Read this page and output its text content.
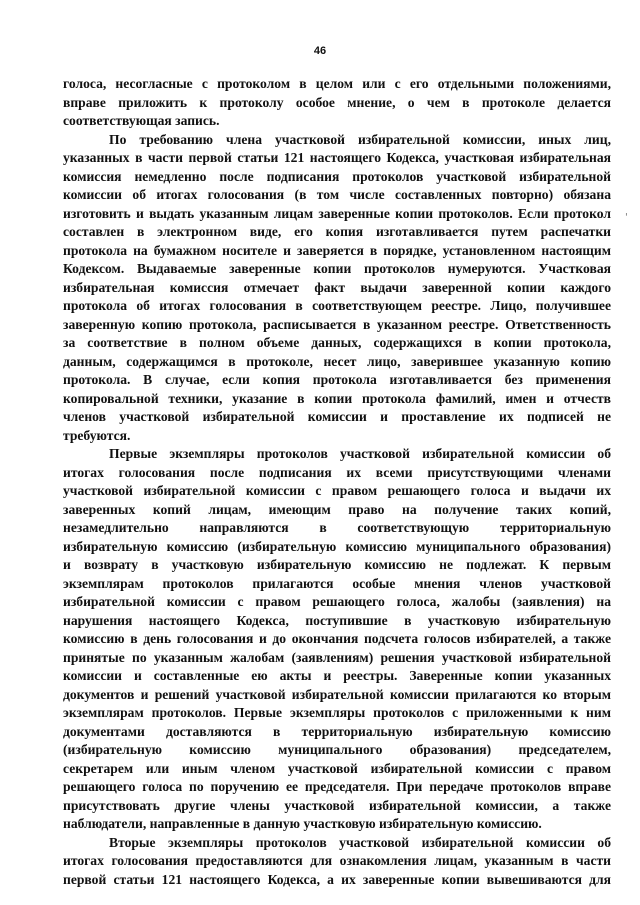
46
'
голоса, несогласные с протоколом в целом или с его отдельными положениями,
вправе приложить к протоколу особое мнение, о чем в протоколе делается
соответствующая запись.
По требованию члена участковой избирательной комиссии, иных лиц,
указанных в части первой статьи 121 настоящего Кодекса, участковая избирательная
комиссия немедленно после подписания протоколов участковой избирательной
комиссии об итогах голосования (в том числе составленных повторно) обязана
изготовить и выдать указанным лицам заверенные копии протоколов. Если протокол
составлен в электронном виде, его копия изготавливается путем распечатки
протокола на бумажном носителе и заверяется в порядке, установленном настоящим
Кодексом. Выдаваемые заверенные копии протоколов нумеруются. Участковая
избирательная комиссия отмечает факт выдачи заверенной копии каждого
протокола об итогах голосования в соответствующем реестре. Лицо, получившее
заверенную копию протокола, расписывается в указанном реестре. Ответственность
за соответствие в полном объеме данных, содержащихся в копии протокола,
данным, содержащимся в протоколе, несет лицо, заверившее указанную копию
протокола. В случае, если копия протокола изготавливается без применения
копировальной техники, указание в копии протокола фамилий, имен и отчеств
членов участковой избирательной комиссии и проставление их подписей не
требуются.
Первые экземпляры протоколов участковой избирательной комиссии об
итогах голосования после подписания их всеми присутствующими членами
участковой избирательной комиссии с правом решающего голоса и выдачи их
заверенных копий лицам, имеющим право на получение таких копий,
незамедлительно направляются в соответствующую территориальную
избирательную комиссию (избирательную комиссию муниципального образования)
и возврату в участковую избирательную комиссию не подлежат. К первым
экземплярам протоколов прилагаются особые мнения членов участковой
избирательной комиссии с правом решающего голоса, жалобы (заявления) на
нарушения настоящего Кодекса, поступившие в участковую избирательную
комиссию в день голосования и до окончания подсчета голосов избирателей, а также
принятые по указанным жалобам (заявлениям) решения участковой избирательной
комиссии и составленные ею акты и реестры. Заверенные копии указанных
документов и решений участковой избирательной комиссии прилагаются ко вторым
экземплярам протоколов. Первые экземпляры протоколов с приложенными к ним
документами доставляются в территориальную избирательную комиссию
(избирательную комиссию муниципального образования) председателем,
секретарем или иным членом участковой избирательной комиссии с правом
решающего голоса по поручению ее председателя. При передаче протоколов вправе
присутствовать другие члены участковой избирательной комиссии, а также
наблюдатели, направленные в данную участковую избирательную комиссию.
Вторые экземпляры протоколов участковой избирательной комиссии об
итогах голосования предоставляются для ознакомления лицам, указанным в части
первой статьи 121 настоящего Кодекса, а их заверенные копии вывешиваются для
